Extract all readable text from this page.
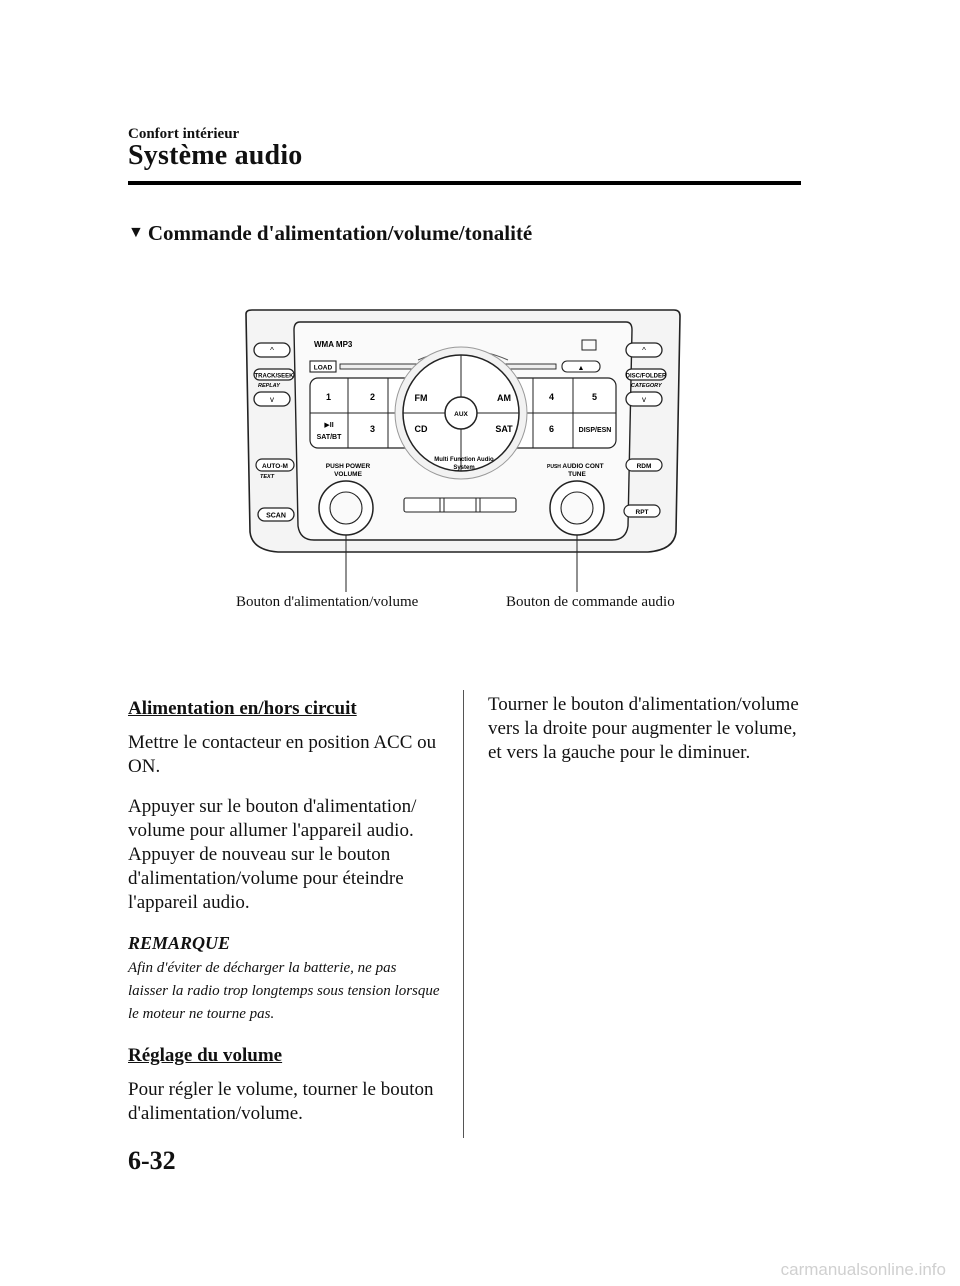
Confort intérieur
Système audio
▼ Commande d'alimentation/volume/tonalité
^
TRACK/SEEK
REPLAY
v
AUTO-M
TEXT
SCAN
^
DISC/FOLDER
CATEGORY
v
RDM
RPT
WMA MP3
LOAD	▲
1	2	4	5
3	6
▶II
SAT/BT
DISP/ESN
AUX
FM	AM
CD	SAT
Multi Function Audio
System
PUSH POWER
VOLUME
PUSH AUDIO CONT
TUNE
Bouton d'alimentation/volume	Bouton de commande audio
Alimentation en/hors circuit

Mettre le contacteur en position ACC ou ON.

Appuyer sur le bouton d'alimentation/ volume pour allumer l'appareil audio. Appuyer de nouveau sur le bouton d'alimentation/volume pour éteindre l'appareil audio.

REMARQUE
Afin d'éviter de décharger la batterie, ne pas laisser la radio trop longtemps sous tension lorsque le moteur ne tourne pas.
Réglage du volume

Pour régler le volume, tourner le bouton d'alimentation/volume.

Tourner le bouton d'alimentation/volume vers la droite pour augmenter le volume, et vers la gauche pour le diminuer.

6-32
carmanualsonline.info
